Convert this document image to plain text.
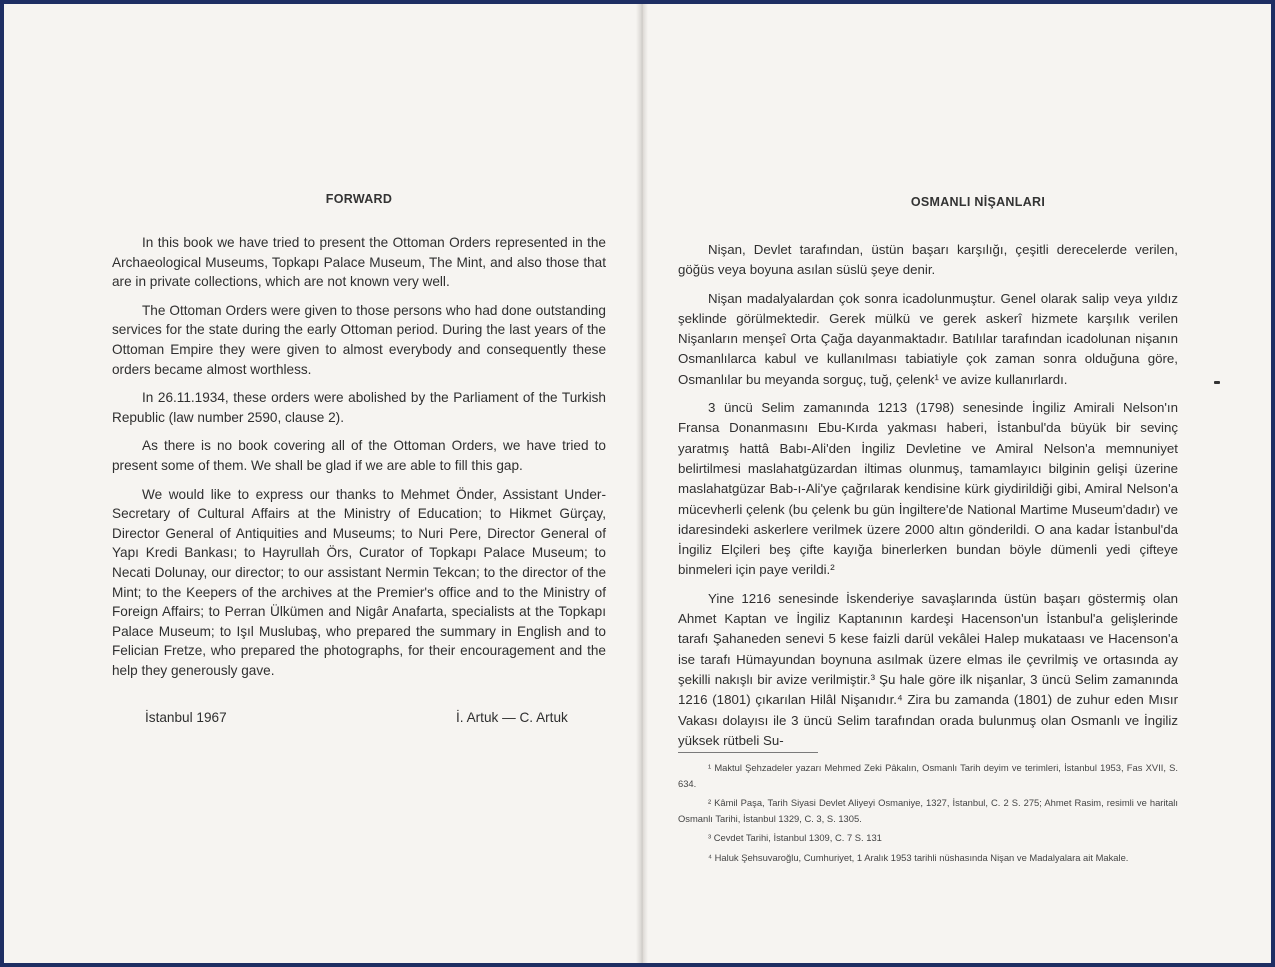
FORWARD

In this book we have tried to present the Ottoman Orders represented in the Archaeological Museums, Topkapı Palace Museum, The Mint, and also those that are in private collections, which are not known very well.

The Ottoman Orders were given to those persons who had done outstanding services for the state during the early Ottoman period. During the last years of the Ottoman Empire they were given to almost everybody and consequently these orders became almost worthless.

In 26.11.1934, these orders were abolished by the Parliament of the Turkish Republic (law number 2590, clause 2).

As there is no book covering all of the Ottoman Orders, we have tried to present some of them. We shall be glad if we are able to fill this gap.

We would like to express our thanks to Mehmet Önder, Assistant Under-Secretary of Cultural Affairs at the Ministry of Education; to Hikmet Gürçay, Director General of Antiquities and Museums; to Nuri Pere, Director General of Yapı Kredi Bankası; to Hayrullah Örs, Curator of Topkapı Palace Museum; to Necati Dolunay, our director; to our assistant Nermin Tekcan; to the director of the Mint; to the Keepers of the archives at the Premier's office and to the Ministry of Foreign Affairs; to Perran Ülkümen and Nigâr Anafarta, specialists at the Topkapı Palace Museum; to Işıl Muslubaş, who prepared the summary in English and to Felician Fretze, who prepared the photographs, for their encouragement and the help they generously gave.

İstanbul 1967	İ. Artuk — C. Artuk
OSMANLI NİŞANLARI

Nişan, Devlet tarafından, üstün başarı karşılığı, çeşitli derecelerde verilen, göğüs veya boyuna asılan süslü şeye denir.

Nişan madalyalardan çok sonra icadolunmuştur. Genel olarak salip veya yıldız şeklinde görülmektedir. Gerek mülkü ve gerek askerî hizmete karşılık verilen Nişanların menşeî Orta Çağa dayanmaktadır. Batılılar tarafından icadolunan nişanın Osmanlılarca kabul ve kullanılması tabiatiyle çok zaman sonra olduğuna göre, Osmanlılar bu meyanda sorguç, tuğ, çelenk¹ ve avize kullanırlardı.

3 üncü Selim zamanında 1213 (1798) senesinde İngiliz Amirali Nelson'ın Fransa Donanmasını Ebu-Kırda yakması haberi, İstanbul'da büyük bir sevinç yaratmış hattâ Babı-Ali'den İngiliz Devletine ve Amiral Nelson'a memnuniyet belirtilmesi maslahatgüzardan iltimas olunmuş, tamamlayıcı bilginin gelişi üzerine maslahatgüzar Bab-ı-Ali'ye çağrılarak kendisine kürk giydirildiği gibi, Amiral Nelson'a mücevherli çelenk (bu çelenk bu gün İngiltere'de National Martime Museum'dadır) ve idaresindeki askerlere verilmek üzere 2000 altın gönderildi. O ana kadar İstanbul'da İngiliz Elçileri beş çifte kayığa binerlerken bundan böyle dümenli yedi çifteye binmeleri için paye verildi.²

Yine 1216 senesinde İskenderiye savaşlarında üstün başarı göstermiş olan Ahmet Kaptan ve İngiliz Kaptanının kardeşi Hacenson'un İstanbul'a gelişlerinde tarafı Şahaneden senevi 5 kese faizli darül vekâlei Halep mukataası ve Hacenson'a ise tarafı Hümayundan boynuna asılmak üzere elmas ile çevrilmiş ve ortasında ay şekilli nakışlı bir avize verilmiştir.³ Şu hale göre ilk nişanlar, 3 üncü Selim zamanında 1216 (1801) çıkarılan Hilâl Nişanıdır.⁴ Zira bu zamanda (1801) de zuhur eden Mısır Vakası dolayısı ile 3 üncü Selim tarafından orada bulunmuş olan Osmanlı ve İngiliz yüksek rütbeli Su-

¹ Maktul Şehzadeler yazarı Mehmed Zeki Pâkalın, Osmanlı Tarih deyim ve terimleri, İstanbul 1953, Fas XVII, S. 634.

² Kâmil Paşa, Tarih Siyasi Devlet Aliyeyi Osmaniye, 1327, İstanbul, C. 2 S. 275; Ahmet Rasim, resimli ve haritalı Osmanlı Tarihi, İstanbul 1329, C. 3, S. 1305.

³ Cevdet Tarihi, İstanbul 1309, C. 7 S. 131

⁴ Haluk Şehsuvaroğlu, Cumhuriyet, 1 Aralık 1953 tarihli nüshasında Nişan ve Madalyalara ait Makale.
